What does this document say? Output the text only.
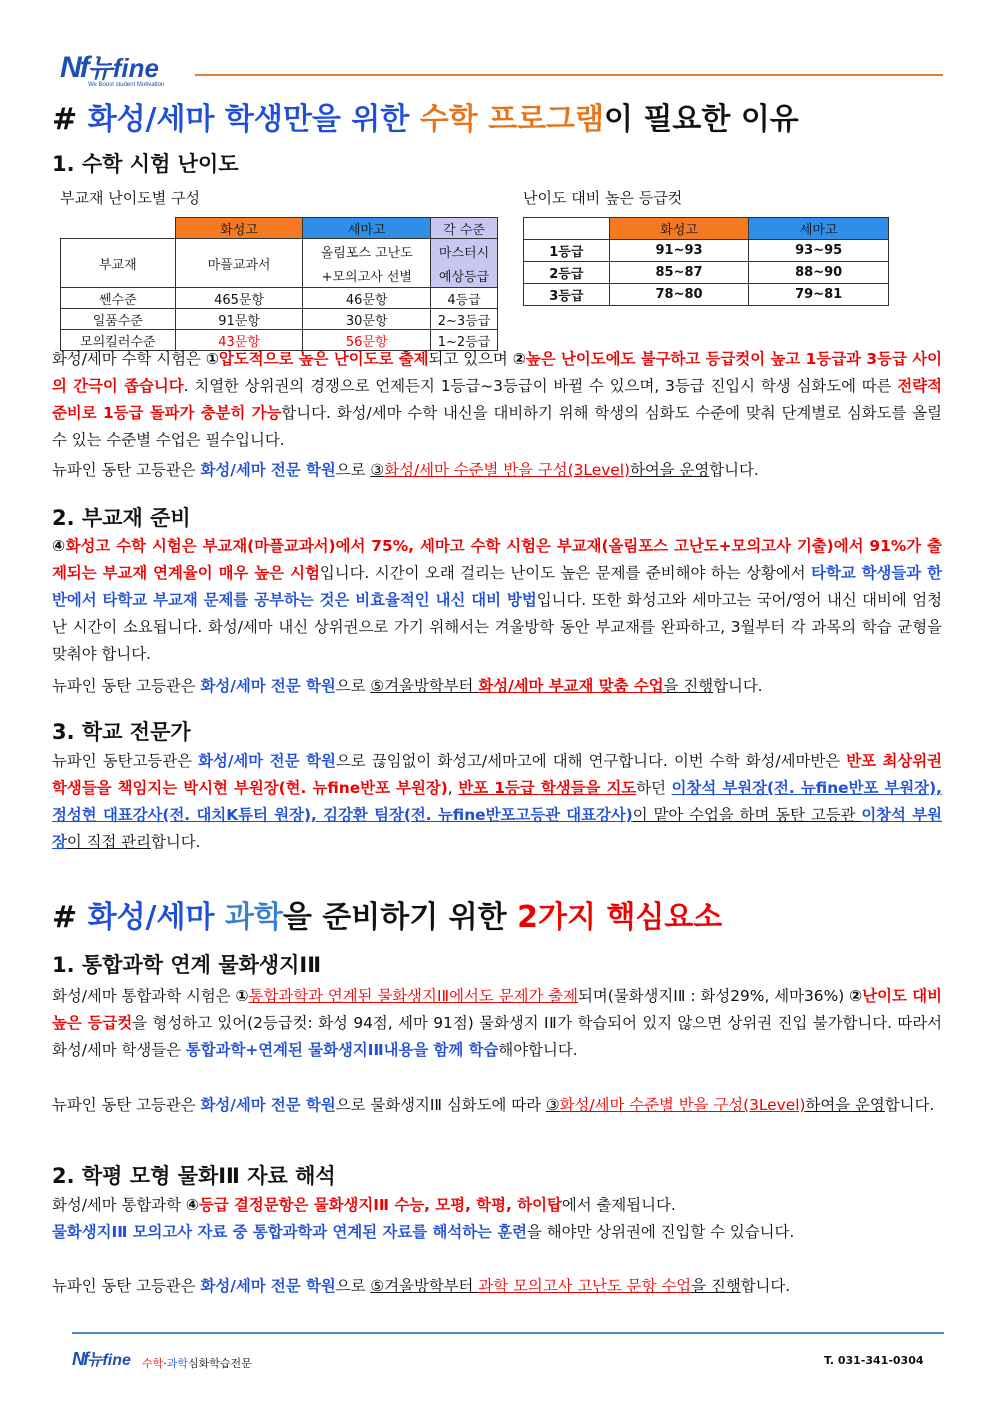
Nf뉴fine
We Boost student Motivation
# 화성/세마 학생만을 위한 수학 프로그램이 필요한 이유
1. 수학 시험 난이도
부교재 난이도별 구성	난이도 대비 높은 등급컷
	화성고	세마고	각 수준
부교재	마플교과서	올림포스 고난도	마스터시
		+모의고사 선별	예상등급
쎈수준	465문항	46문항	4등급
일품수준	91문항	30문항	2~3등급
모의킬러수준	43문항	56문항	1~2등급
	화성고	세마고
1등급	91~93	93~95
2등급	85~87	88~90
3등급	78~80	79~81
화성/세마 수학 시험은 ①압도적으로 높은 난이도로 출제되고 있으며 ②높은 난이도에도 불구하고 등급컷이 높고 1등급과 3등급 사이의 간극이 좁습니다. 치열한 상위권의 경쟁으로 언제든지 1등급~3등급이 바뀔 수 있으며, 3등급 진입시 학생 심화도에 따른 전략적 준비로 1등급 돌파가 충분히 가능합니다. 화성/세마 수학 내신을 대비하기 위해 학생의 심화도 수준에 맞춰 단계별로 심화도를 올릴 수 있는 수준별 수업은 필수입니다.
뉴파인 동탄 고등관은 화성/세마 전문 학원으로 ③화성/세마 수준별 반을 구성(3Level)하여을 운영합니다.
2. 부교재 준비
④화성고 수학 시험은 부교재(마플교과서)에서 75%, 세마고 수학 시험은 부교재(올림포스 고난도+모의고사 기출)에서 91%가 출제되는 부교재 연계율이 매우 높은 시험입니다. 시간이 오래 걸리는 난이도 높은 문제를 준비해야 하는 상황에서 타학교 학생들과 한 반에서 타학교 부교재 문제를 공부하는 것은 비효율적인 내신 대비 방법입니다. 또한 화성고와 세마고는 국어/영어 내신 대비에 엄청난 시간이 소요됩니다. 화성/세마 내신 상위권으로 가기 위해서는 겨울방학 동안 부교재를 완파하고, 3월부터 각 과목의 학습 균형을 맞춰야 합니다.
뉴파인 동탄 고등관은 화성/세마 전문 학원으로 ⑤겨울방학부터 화성/세마 부교재 맞춤 수업을 진행합니다.
3. 학교 전문가
뉴파인 동탄고등관은 화성/세마 전문 학원으로 끊임없이 화성고/세마고에 대해 연구합니다. 이번 수학 화성/세마반은 반포 최상위권 학생들을 책임지는 박시현 부원장(현. 뉴fine반포 부원장), 반포 1등급 학생들을 지도하던 이창석 부원장(전. 뉴fine반포 부원장), 정성현 대표강사(전. 대치K튜터 원장), 김강환 팀장(전. 뉴fine반포고등관 대표강사)이 맡아 수업을 하며 동탄 고등관 이창석 부원장이 직접 관리합니다.
# 화성/세마 과학을 준비하기 위한 2가지 핵심요소
1. 통합과학 연계 물화생지ⅠⅡ
화성/세마 통합과학 시험은 ①통합과학과 연계된 물화생지ⅠⅡ에서도 문제가 출제되며(물화생지ⅠⅡ : 화성29%, 세마36%) ②난이도 대비 높은 등급컷을 형성하고 있어(2등급컷: 화성 94점, 세마 91점) 물화생지 ⅠⅡ가 학습되어 있지 않으면 상위권 진입 불가합니다. 따라서 화성/세마 학생들은 통합과학+연계된 물화생지ⅠⅡ내용을 함께 학습해야합니다.
뉴파인 동탄 고등관은 화성/세마 전문 학원으로 물화생지ⅠⅡ 심화도에 따라 ③화성/세마 수준별 반을 구성(3Level)하여을 운영합니다.
2. 학평 모형 물화ⅠⅡ 자료 해석
화성/세마 통합과학 ④등급 결정문항은 물화생지ⅠⅡ 수능, 모평, 학평, 하이탑에서 출제됩니다.
물화생지ⅠⅡ 모의고사 자료 중 통합과학과 연계된 자료를 해석하는 훈련을 해야만 상위권에 진입할 수 있습니다.
뉴파인 동탄 고등관은 화성/세마 전문 학원으로 ⑤겨울방학부터 과학 모의고사 고난도 문항 수업을 진행합니다.
Nf뉴fine 수학·과학심화학습전문	T. 031-341-0304
